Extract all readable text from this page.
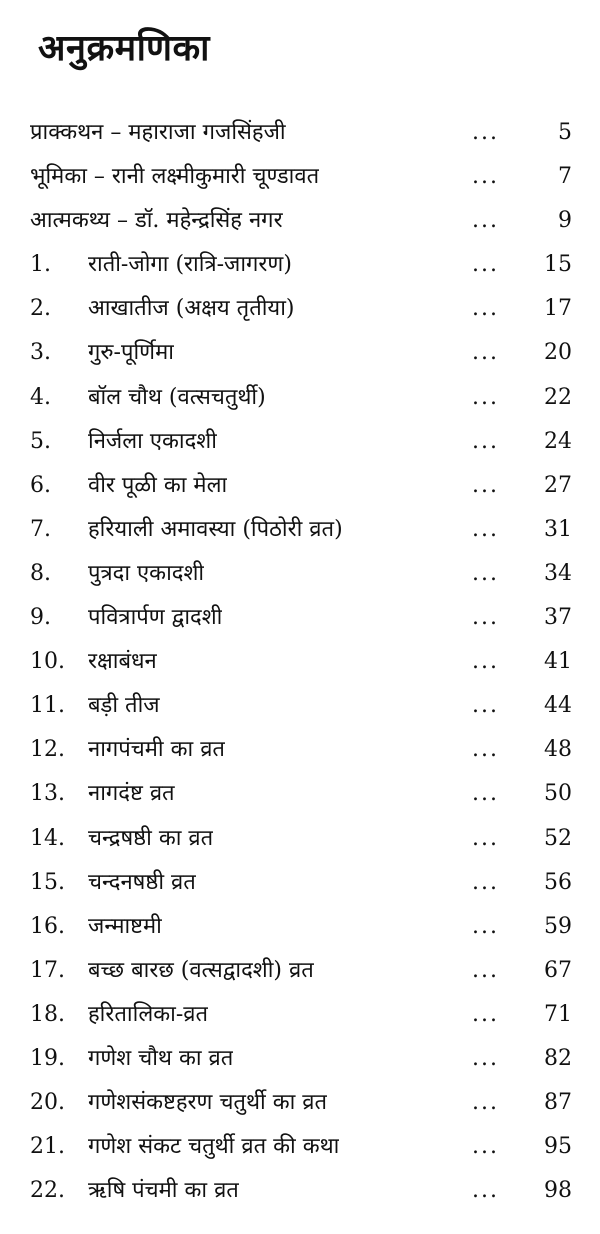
अनुक्रमणिका
प्राक्कथन – महाराजा गजसिंहजी	...	5
भूमिका – रानी लक्ष्मीकुमारी चूण्डावत	...	7
आत्मकथ्य – डॉ. महेन्द्रसिंह नगर	...	9
1. राती-जोगा (रात्रि-जागरण)	... 15
2. आखातीज (अक्षय तृतीया)	... 17
3. गुरु-पूर्णिमा	... 20
4. बॉल चौथ (वत्सचतुर्थी)	... 22
5. निर्जला एकादशी	... 24
6. वीर पूळी का मेला	... 27
7. हरियाली अमावस्या (पिठोरी व्रत)	... 31
8. पुत्रदा एकादशी	... 34
9. पवित्रार्पण द्वादशी	... 37
10. रक्षाबंधन	... 41
11. बड़ी तीज	... 44
12. नागपंचमी का व्रत	... 48
13. नागदंष्ट व्रत	... 50
14. चन्द्रषष्ठी का व्रत	... 52
15. चन्दनषष्ठी व्रत	... 56
16. जन्माष्टमी	... 59
17. बच्छ बारछ (वत्सद्वादशी) व्रत	... 67
18. हरितालिका-व्रत	... 71
19. गणेश चौथ का व्रत	... 82
20. गणेशसंकष्टहरण चतुर्थी का व्रत	... 87
21. गणेश संकट चतुर्थी व्रत की कथा	... 95
22. ऋषि पंचमी का व्रत	... 98
